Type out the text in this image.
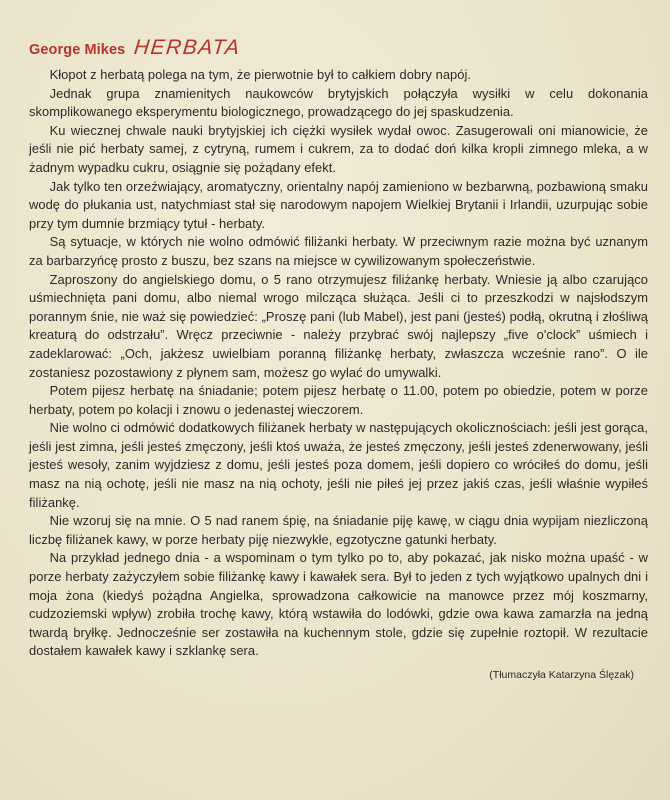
George Mikes HERBATA

Kłopot z herbatą polega na tym, że pierwotnie był to całkiem dobry napój.

Jednak grupa znamienitych naukowców brytyjskich połączyła wysiłki w celu dokonania skomplikowanego eksperymentu biologicznego, prowadzącego do jej spaskudzenia.

Ku wiecznej chwale nauki brytyjskiej ich ciężki wysiłek wydał owoc. Zasugerowali oni mianowicie, że jeśli nie pić herbaty samej, z cytryną, rumem i cukrem, za to dodać doń kilka kropli zimnego mleka, a w żadnym wypadku cukru, osiągnie się pożądany efekt.

Jak tylko ten orzeźwiający, aromatyczny, orientalny napój zamieniono w bezbarwną, pozbawioną smaku wodę do płukania ust, natychmiast stał się narodowym napojem Wielkiej Brytanii i Irlandii, uzurpując sobie przy tym dumnie brzmiący tytuł - herbaty.

Są sytuacje, w których nie wolno odmówić filiżanki herbaty. W przeciwnym razie można być uznanym za barbarzyńcę prosto z buszu, bez szans na miejsce w cywilizowanym społeczeństwie.

Zaproszony do angielskiego domu, o 5 rano otrzymujesz filiżankę herbaty. Wniesie ją albo czarująco uśmiechnięta pani domu, albo niemal wrogo milcząca służąca. Jeśli ci to przeszkodzi w najsłodszym porannym śnie, nie waż się powiedzieć: „Proszę pani (lub Mabel), jest pani (jesteś) podłą, okrutną i złośliwą kreaturą do odstrzału”. Wręcz przeciwnie - należy przybrać swój najlepszy „five o'clock” uśmiech i zadeklarować: „Och, jakżesz uwielbiam poranną filiżankę herbaty, zwłaszcza wcześnie rano”. O ile zostaniesz pozostawiony z płynem sam, możesz go wylać do umywalki.

Potem pijesz herbatę na śniadanie; potem pijesz herbatę o 11.00, potem po obiedzie, potem w porze herbaty, potem po kolacji i znowu o jedenastej wieczorem.

Nie wolno ci odmówić dodatkowych filiżanek herbaty w następujących okolicznościach: jeśli jest gorąca, jeśli jest zimna, jeśli jesteś zmęczony, jeśli ktoś uważa, że jesteś zmęczony, jeśli jesteś zdenerwowany, jeśli jesteś wesoły, zanim wyjdziesz z domu, jeśli jesteś poza domem, jeśli dopiero co wróciłeś do domu, jeśli masz na nią ochotę, jeśli nie masz na nią ochoty, jeśli nie piłeś jej przez jakiś czas, jeśli właśnie wypiłeś filiżankę.

Nie wzoruj się na mnie. O 5 nad ranem śpię, na śniadanie piję kawę, w ciągu dnia wypijam niezliczoną liczbę filiżanek kawy, w porze herbaty piję niezwykłe, egzotyczne gatunki herbaty.

Na przykład jednego dnia - a wspominam o tym tylko po to, aby pokazać, jak nisko można upaść - w porze herbaty zażyczyłem sobie filiżankę kawy i kawałek sera. Był to jeden z tych wyjątkowo upalnych dni i moja żona (kiedyś pożądna Angielka, sprowadzona całkowicie na manowce przez mój koszmarny, cudzoziemski wpływ) zrobiła trochę kawy, którą wstawiła do lodówki, gdzie owa kawa zamarzła na jedną twardą bryłkę. Jednocześnie ser zostawiła na kuchennym stole, gdzie się zupełnie roztopił. W rezultacie dostałem kawałek kawy i szklankę sera.

(Tłumaczyła Katarzyna Ślęzak)
